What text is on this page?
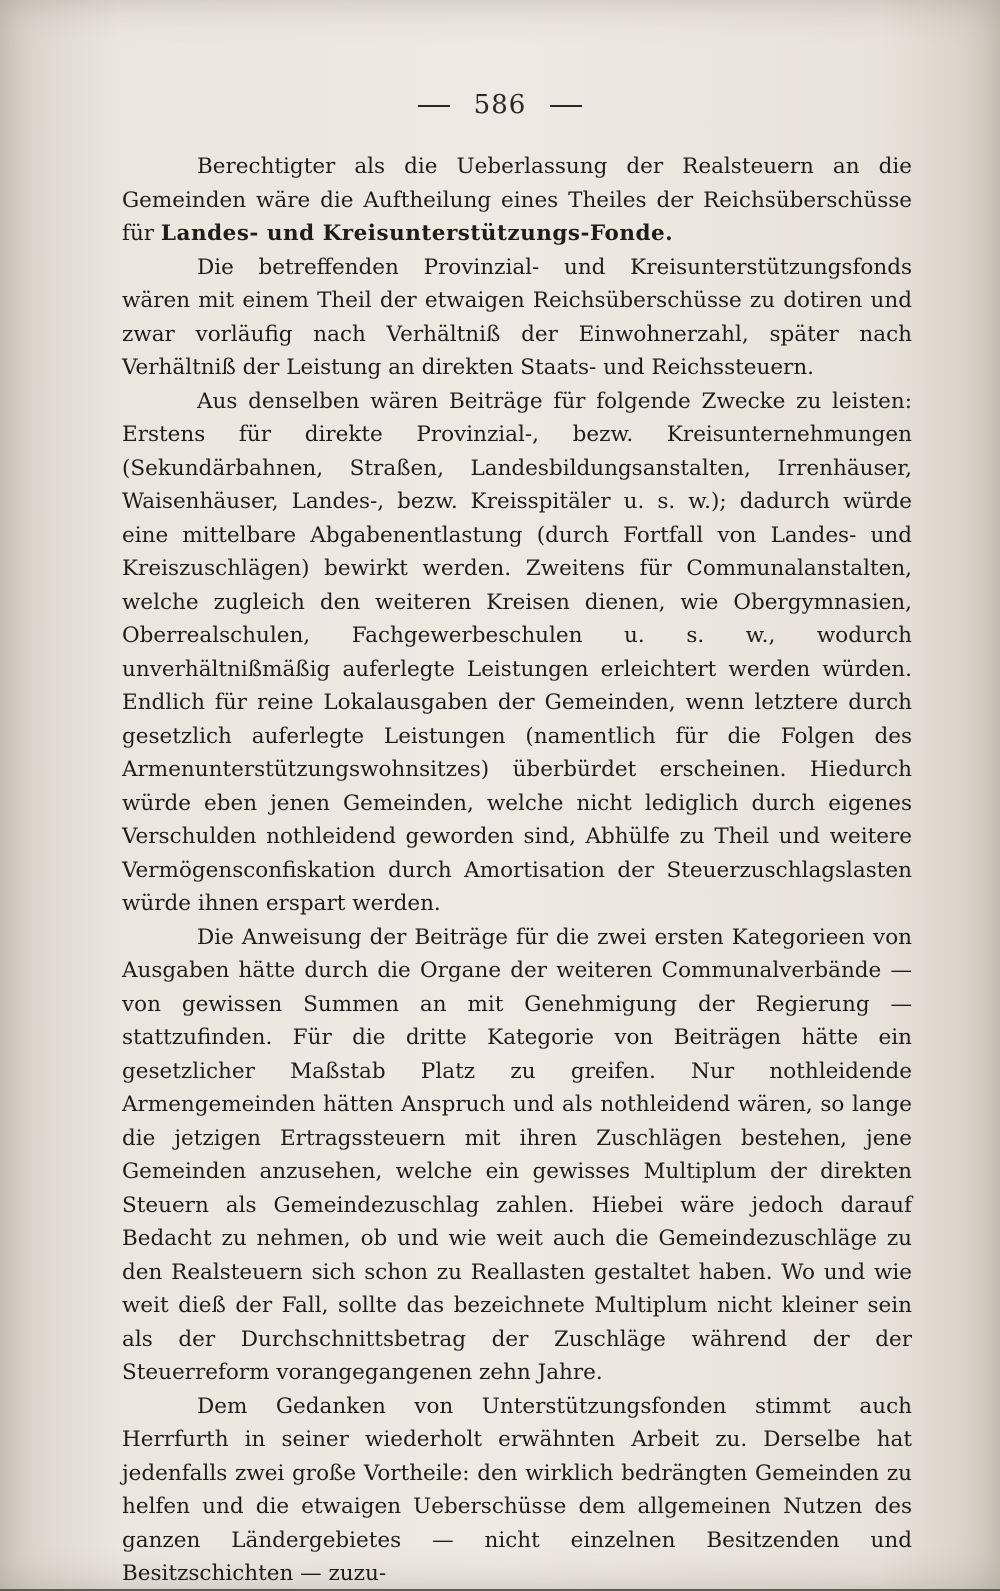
586

Berechtigter als die Ueberlassung der Realsteuern an die Gemeinden wäre die Auftheilung eines Theiles der Reichsüberschüsse für Landes- und Kreisunterstützungs-Fonde.

Die betreffenden Provinzial- und Kreisunterstützungsfonds wären mit einem Theil der etwaigen Reichsüberschüsse zu dotiren und zwar vorläufig nach Verhältniß der Einwohnerzahl, später nach Verhältniß der Leistung an direkten Staats- und Reichssteuern.

Aus denselben wären Beiträge für folgende Zwecke zu leisten: Erstens für direkte Provinzial-, bezw. Kreisunternehmungen (Sekundärbahnen, Straßen, Landesbildungsanstalten, Irrenhäuser, Waisenhäuser, Landes-, bezw. Kreisspitäler u. s. w.); dadurch würde eine mittelbare Abgabenentlastung (durch Fortfall von Landes- und Kreiszuschlägen) bewirkt werden. Zweitens für Communalanstalten, welche zugleich den weiteren Kreisen dienen, wie Obergymnasien, Oberrealschulen, Fachgewerbeschulen u. s. w., wodurch unverhältnißmäßig auferlegte Leistungen erleichtert werden würden. Endlich für reine Lokalausgaben der Gemeinden, wenn letztere durch gesetzlich auferlegte Leistungen (namentlich für die Folgen des Armenunterstützungswohnsitzes) überbürdet erscheinen. Hiedurch würde eben jenen Gemeinden, welche nicht lediglich durch eigenes Verschulden nothleidend geworden sind, Abhülfe zu Theil und weitere Vermögensconfiskation durch Amortisation der Steuerzuschlagslasten würde ihnen erspart werden.

Die Anweisung der Beiträge für die zwei ersten Kategorieen von Ausgaben hätte durch die Organe der weiteren Communalverbände — von gewissen Summen an mit Genehmigung der Regierung — stattzufinden. Für die dritte Kategorie von Beiträgen hätte ein gesetzlicher Maßstab Platz zu greifen. Nur nothleidende Armengemeinden hätten Anspruch und als nothleidend wären, so lange die jetzigen Ertragssteuern mit ihren Zuschlägen bestehen, jene Gemeinden anzusehen, welche ein gewisses Multiplum der direkten Steuern als Gemeindezuschlag zahlen. Hiebei wäre jedoch darauf Bedacht zu nehmen, ob und wie weit auch die Gemeindezuschläge zu den Realsteuern sich schon zu Reallasten gestaltet haben. Wo und wie weit dieß der Fall, sollte das bezeichnete Multiplum nicht kleiner sein als der Durchschnittsbetrag der Zuschläge während der der Steuerreform vorangegangenen zehn Jahre.

Dem Gedanken von Unterstützungsfonden stimmt auch Herrfurth in seiner wiederholt erwähnten Arbeit zu. Derselbe hat jedenfalls zwei große Vortheile: den wirklich bedrängten Gemeinden zu helfen und die etwaigen Ueberschüsse dem allgemeinen Nutzen des ganzen Ländergebietes — nicht einzelnen Besitzenden und Besitzschichten — zuzu-
